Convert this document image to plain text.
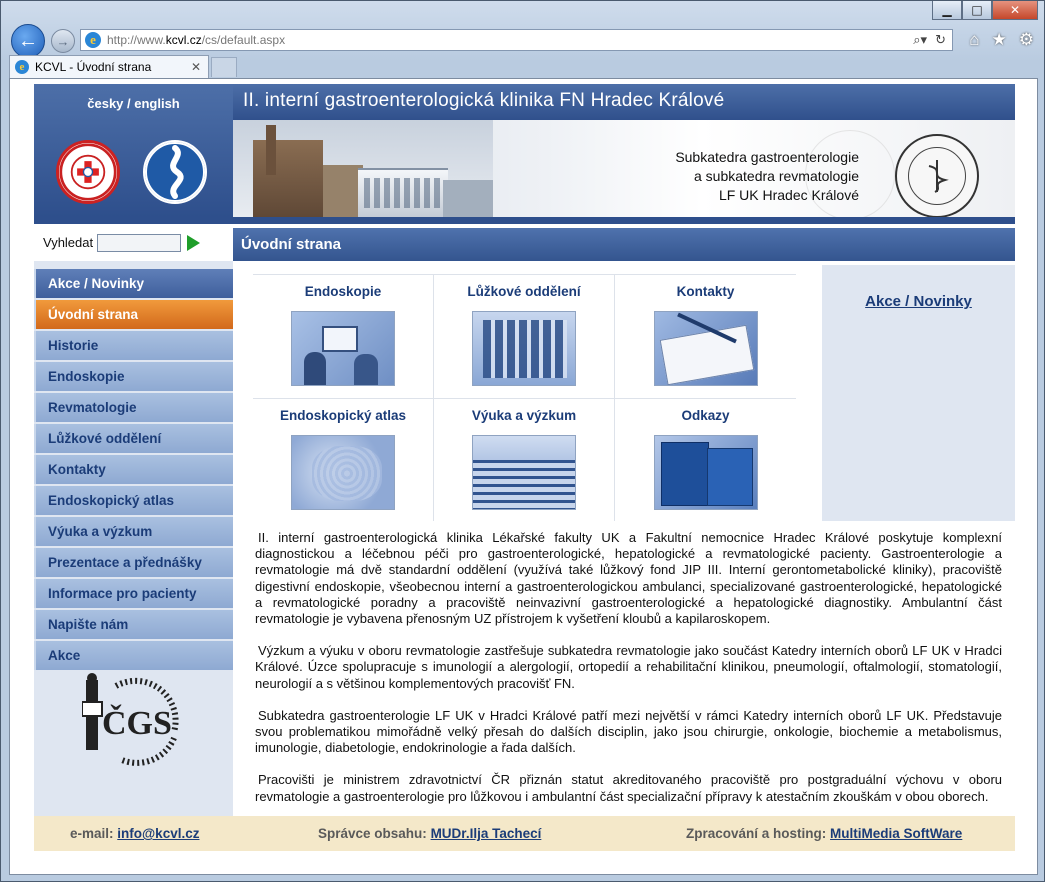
▁	□	✕
← →	e http://www. kcvl.cz /cs/default.aspx	⌕▾ ↻ ⌂ ★ ⚙
e KCVL - Úvodní strana	✕
česky / english	II. interní gastroenterologická klinika FN Hradec Králové
Subkatedra gastroenterologie
a subkatedra revmatologie
LF UK Hradec Králové
Vyhledat
Akce / Novinky
Úvodní strana
Historie
Endoskopie
Revmatologie
Lůžkové oddělení
Kontakty
Endoskopický atlas
Výuka a výzkum
Prezentace a přednášky
Informace pro pacienty
Napište nám
Akce
ČGS
Úvodní strana
Endoskopie	Lůžkové oddělení	Kontakty
Endoskopický atlas	Výuka a výzkum	Odkazy
Akce / Novinky

II. interní gastroenterologická klinika Lékařské fakulty UK a Fakultní nemocnice Hradec Králové poskytuje komplexní diagnostickou a léčebnou péči pro gastroenterologické, hepatologické a revmatologické pacienty. Gastroenterologie a revmatologie má dvě standardní oddělení (využívá také lůžkový fond JIP III. Interní gerontometabolické kliniky), pracoviště digestivní endoskopie, všeobecnou interní a gastroenterologickou ambulanci, specializované gastroenterologické, hepatologické a revmatologické poradny a pracoviště neinvazivní gastroenterologické a hepatologické diagnostiky. Ambulantní část revmatologie je vybavena přenosným UZ přístrojem k vyšetření kloubů a kapilaroskopem.

Výzkum a výuku v oboru revmatologie zastřešuje subkatedra revmatologie jako součást Katedry interních oborů LF UK v Hradci Králové. Úzce spolupracuje s imunologií a alergologií, ortopedií a rehabilitační klinikou, pneumologií, oftalmologií, stomatologií, neurologií a s většinou komplementových pracovišť FN.

Subkatedra gastroenterologie LF UK v Hradci Králové patří mezi největší v rámci Katedry interních oborů LF UK. Představuje svou problematikou mimořádně velký přesah do dalších disciplin, jako jsou chirurgie, onkologie, biochemie a metabolismus, imunologie, diabetologie, endokrinologie a řada dalších.

Pracovišti je ministrem zdravotnictví ČR přiznán statut akreditovaného pracoviště pro postgraduální výchovu v oboru revmatologie a gastroenterologie pro lůžkovou i ambulantní část specializační přípravy k atestačním zkouškám v obou oborech.

e-mail: info@kcvl.cz	Správce obsahu: MUDr.Ilja Tachecí	Zpracování a hosting: MultiMedia SoftWare
